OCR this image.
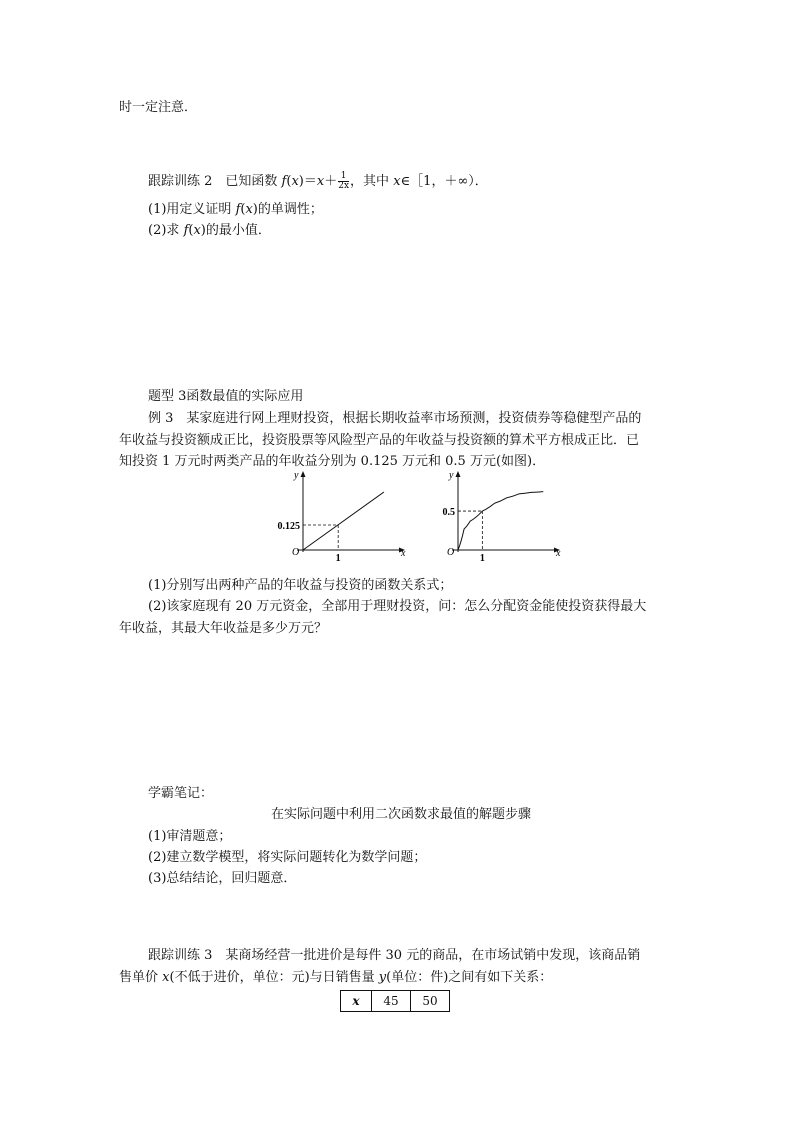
时一定注意．
跟踪训练 2　已知函数 $f(x)=x+ \frac{1}{2x}$ ，其中 x∈［1，＋∞）．
(1)用定义证明 f(x)的单调性；
(2)求 f(x)的最小值．
题型 3函数最值的实际应用
例 3　某家庭进行网上理财投资，根据长期收益率市场预测，投资债券等稳健型产品的
年收益与投资额成正比，投资股票等风险型产品的年收益与投资额的算术平方根成正比．已
知投资 1 万元时两类产品的年收益分别为 0.125 万元和 0.5 万元(如图)．
y
x
O
0.125
1
y
x
O
0.5
1
(1)分别写出两种产品的年收益与投资的函数关系式；
(2)该家庭现有 20 万元资金，全部用于理财投资，问：怎么分配资金能使投资获得最大
年收益，其最大年收益是多少万元？
学霸笔记：
在实际问题中利用二次函数求最值的解题步骤
(1)审清题意；
(2)建立数学模型，将实际问题转化为数学问题；
(3)总结结论，回归题意．
跟踪训练 3　某商场经营一批进价是每件 30 元的商品，在市场试销中发现，该商品销
售单价 x(不低于进价，单位：元)与日销售量 y(单位：件)之间有如下关系：
x	45	50
